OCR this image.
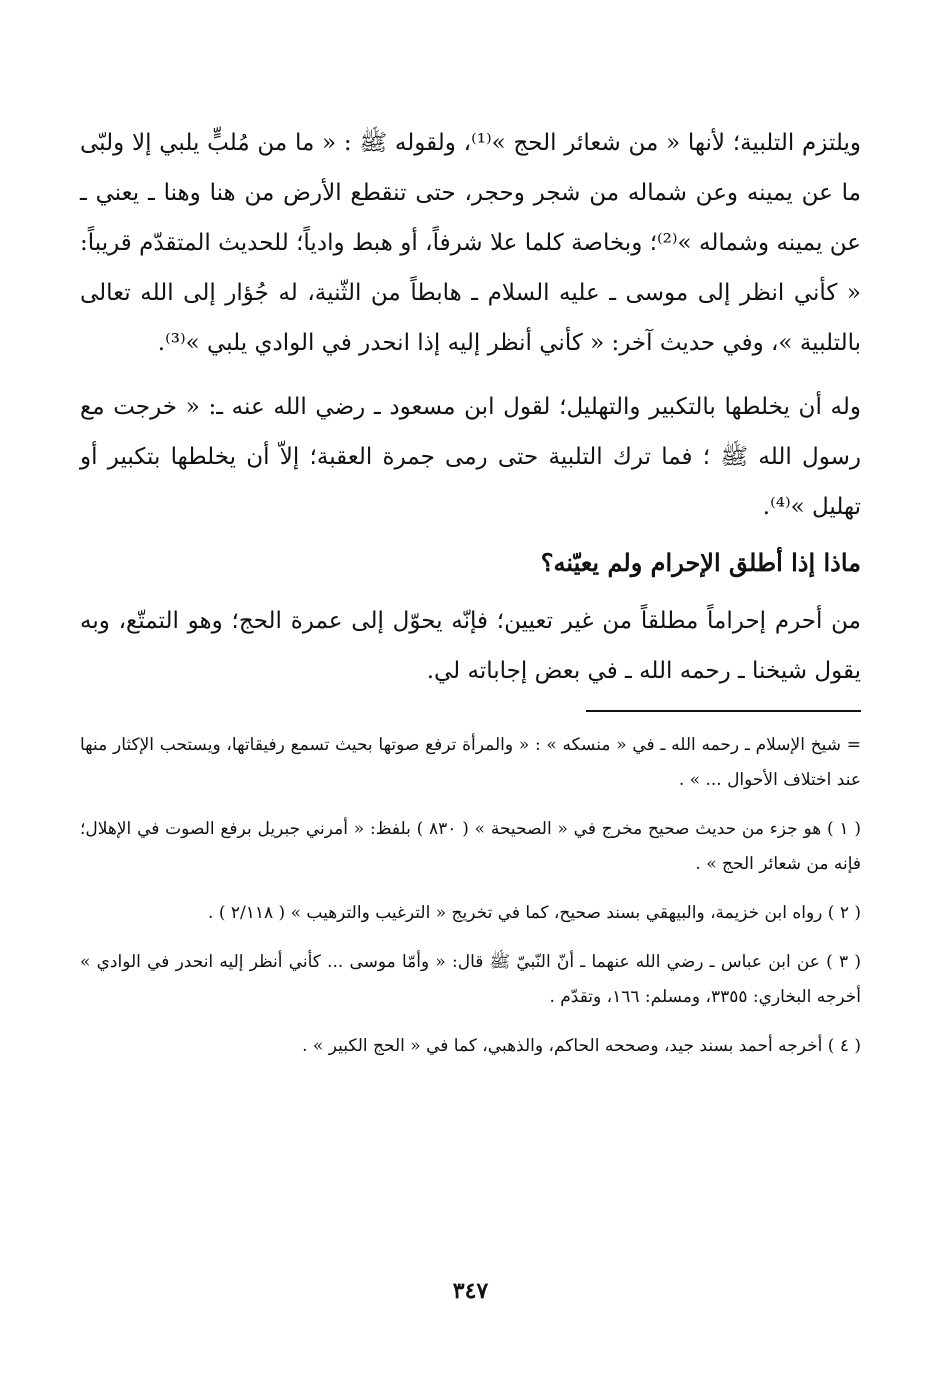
ويلتزم التلبية؛ لأنها « من شعائر الحج »⁽¹⁾، ولقوله ﷺ : « ما من مُلبٍّ يلبي إلا ولبّى ما عن يمينه وعن شماله من شجر وحجر، حتى تنقطع الأرض من هنا وهنا ـ يعني ـ عن يمينه وشماله »⁽²⁾؛ وبخاصة كلما علا شرفاً، أو هبط وادياً؛ للحديث المتقدّم قريباً: « كأني انظر إلى موسى ـ عليه السلام ـ هابطاً من الثّنية، له جُؤار إلى الله تعالى بالتلبية »، وفي حديث آخر: « كأني أنظر إليه إذا انحدر في الوادي يلبي »⁽³⁾.

وله أن يخلطها بالتكبير والتهليل؛ لقول ابن مسعود ـ رضي الله عنه ـ: « خرجت مع رسول الله ﷺ ؛ فما ترك التلبية حتى رمى جمرة العقبة؛ إلاّ أن يخلطها بتكبير أو تهليل »⁽⁴⁾.

ماذا إذا أطلق الإحرام ولم يعيّنه؟

من أحرم إحراماً مطلقاً من غير تعيين؛ فإنّه يحوّل إلى عمرة الحج؛ وهو التمتّع، وبه يقول شيخنا ـ رحمه الله ـ في بعض إجاباته لي.

= شيخ الإسلام ـ رحمه الله ـ في « منسكه » : « والمرأة ترفع صوتها بحيث تسمع رفيقاتها، ويستحب الإكثار منها عند اختلاف الأحوال ... » .

( ١ ) هو جزء من حديث صحيح مخرج في « الصحيحة » ( ٨٣٠ ) بلفظ: « أمرني جبريل برفع الصوت في الإهلال؛ فإنه من شعائر الحج » .

( ٢ ) رواه ابن خزيمة، والبيهقي بسند صحيح، كما في تخريج « الترغيب والترهيب » ( ٢/١١٨ ) .

( ٣ ) عن ابن عباس ـ رضي الله عنهما ـ أنّ النّبيّ ﷺ قال: « وأمّا موسى ... كأني أنظر إليه انحدر في الوادي » أخرجه البخاري: ٣٣٥٥، ومسلم: ١٦٦، وتقدّم .

( ٤ ) أخرجه أحمد بسند جيد، وصححه الحاكم، والذهبي، كما في « الحج الكبير » .

٣٤٧
